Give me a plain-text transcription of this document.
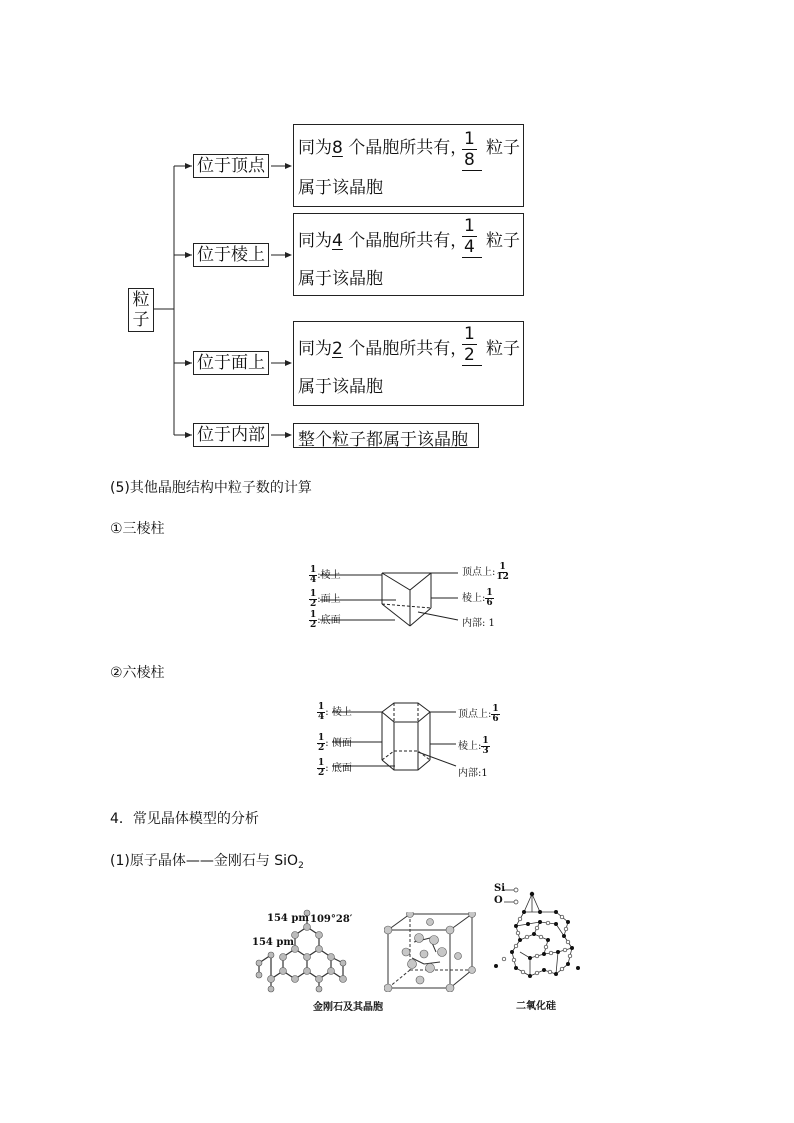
粒
子
位于顶点
位于棱上
位于面上
位于内部
同为8 个晶胞所共有，
$\frac{1}{8}$ 粒子
属于该晶胞
同为4 个晶胞所共有，
$\frac{1}{4}$ 粒子
属于该晶胞
同为2 个晶胞所共有，
$\frac{1}{2}$ 粒子
属于该晶胞
整个粒子都属于该晶胞
(5)其他晶胞结构中粒子数的计算
①三棱柱
$\frac{1}{4}$ :棱上
$\frac{1}{2}$ :面上
$\frac{1}{2}$ :底面
顶点上: $\frac{1}{12}$
棱上: $\frac{1}{6}$
内部: 1
②六棱柱
$\frac{1}{4}$ : 棱上
$\frac{1}{2}$ : 侧面
$\frac{1}{2}$ : 底面
顶点上: $\frac{1}{6}$
棱上: $\frac{1}{3}$
内部:1
4．常见晶体模型的分析
(1)原子晶体——金刚石与 SiO$_2$
154 pm 109°28′
154 pm
金刚石及其晶胞
Si
O
二氧化硅
